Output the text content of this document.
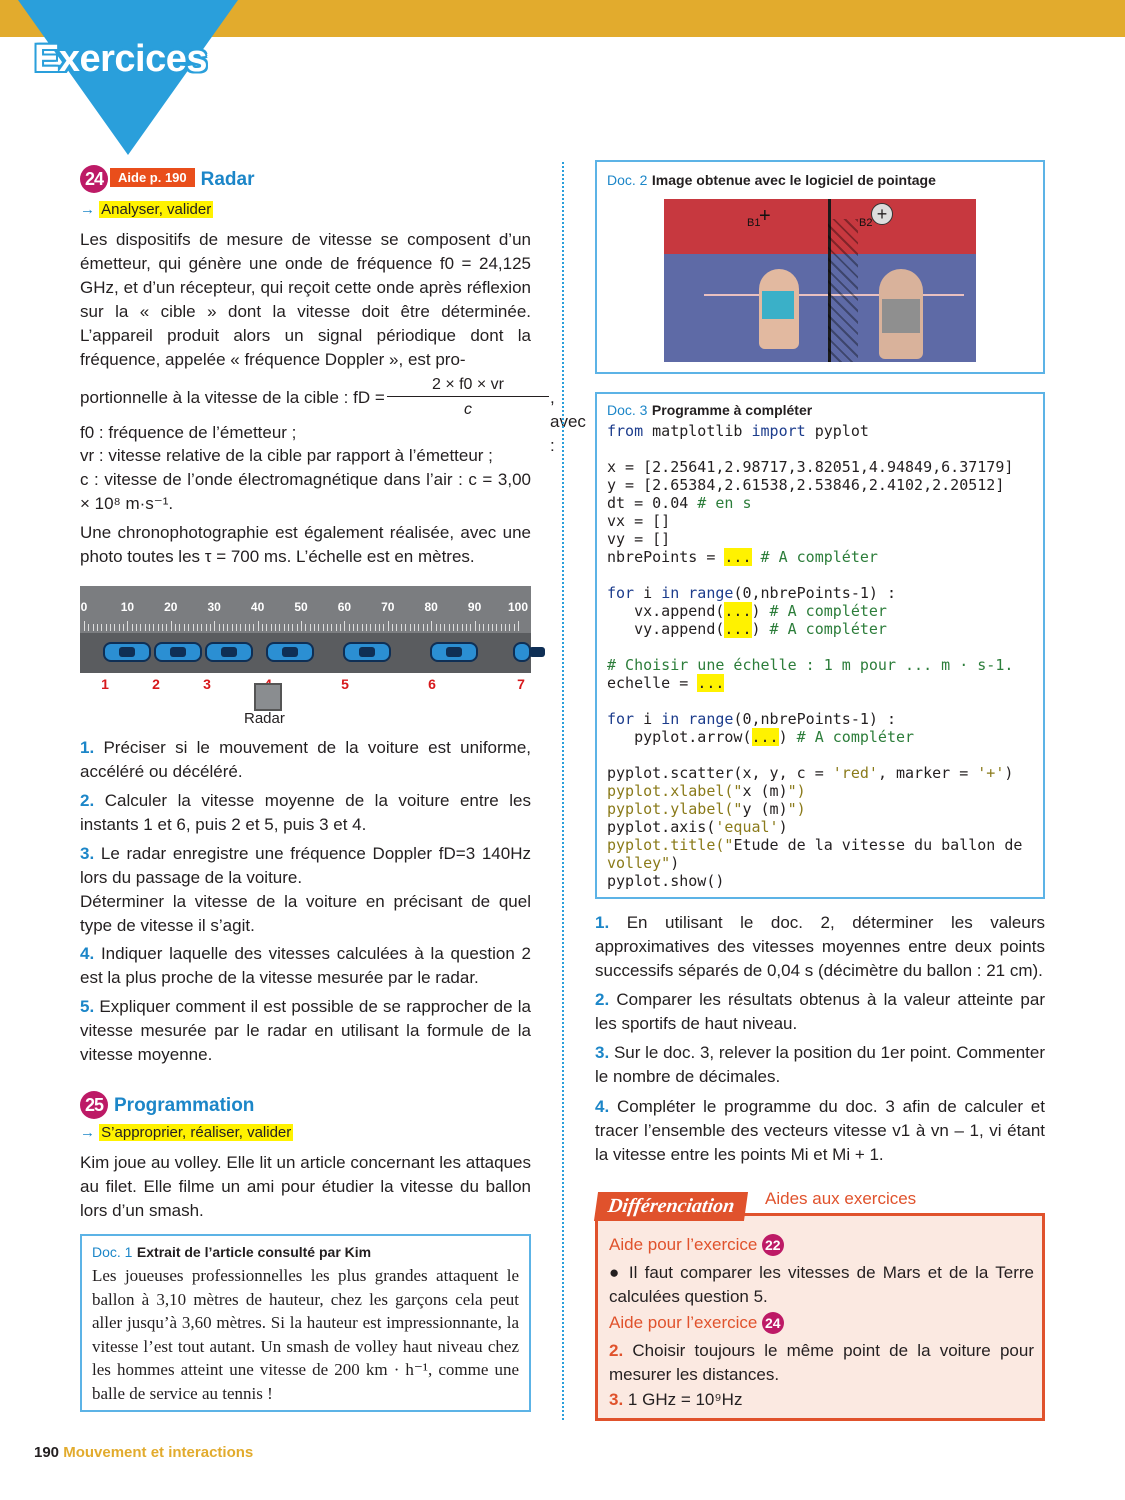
Exercices
24 Aide p. 190 Radar
→ Analyser, valider
Les dispositifs de mesure de vitesse se composent d’un émetteur, qui génère une onde de fréquence f0 = 24,125 GHz, et d’un récepteur, qui reçoit cette onde après réflexion sur la « cible » dont la vitesse doit être déterminée. L’appareil produit alors un signal périodique dont la fréquence, appelée « fréquence Doppler », est pro-
portionnelle à la vitesse de la cible : fD =
2 × f0 × vr
c
, avec :
f0 : fréquence de l’émetteur ;
vr : vitesse relative de la cible par rapport à l’émetteur ;
c : vitesse de l’onde électromagnétique dans l’air : c = 3,00 × 10⁸ m·s⁻¹.
Une chronophotographie est également réalisée, avec une photo toutes les τ = 700 ms. L’échelle est en mètres.
0	10	20	30	40	50	60	70	80	90 100
1	2	3	5	6	7
Radar
1. Préciser si le mouvement de la voiture est uniforme, accéléré ou décéléré.
2. Calculer la vitesse moyenne de la voiture entre les instants 1 et 6, puis 2 et 5, puis 3 et 4.
3. Le radar enregistre une fréquence Doppler fD=3 140Hz lors du passage de la voiture.
Déterminer la vitesse de la voiture en précisant de quel type de vitesse il s’agit.
4. Indiquer laquelle des vitesses calculées à la question 2 est la plus proche de la vitesse mesurée par le radar.
5. Expliquer comment il est possible de se rapprocher de la vitesse mesurée par le radar en utilisant la formule de la vitesse moyenne.
25 Programmation
→ S’approprier, réaliser, valider
Kim joue au volley. Elle lit un article concernant les attaques au filet. Elle filme un ami pour étudier la vitesse du ballon lors d’un smash.
Doc. 1 Extrait de l’article consulté par Kim
Les joueuses professionnelles les plus grandes attaquent le ballon à 3,10 mètres de hauteur, chez les garçons cela peut aller jusqu’à 3,60 mètres. Si la hauteur est impressionnante, la vitesse l’est tout autant. Un smash de volley haut niveau chez les hommes atteint une vitesse de 200 km · h⁻¹, comme une balle de service au tennis !
Doc. 2 Image obtenue avec le logiciel de pointage
+
B1	+
B2
Doc. 3 Programme à compléter
from matplotlib import pyplot

x = [2.25641,2.98717,3.82051,4.94849,6.37179]
y = [2.65384,2.61538,2.53846,2.4102,2.20512]
dt = 0.04 # en s
vx = []
vy = []
nbrePoints = ... # A compléter

for i in range(0,nbrePoints-1) :
vx.append(...) # A compléter
vy.append(...) # A compléter

# Choisir une échelle : 1 m pour ... m · s-1.
echelle = ...

for i in range(0,nbrePoints-1) :
pyplot.arrow(...) # A compléter

pyplot.scatter(x, y, c = 'red', marker = '+')
pyplot.xlabel("x (m)")
pyplot.ylabel("y (m)")
pyplot.axis('equal')
pyplot.title("Etude de la vitesse du ballon de
volley")
pyplot.show()
1. En utilisant le doc. 2, déterminer les valeurs approximatives des vitesses moyennes entre deux points successifs séparés de 0,04 s (décimètre du ballon : 21 cm).
2. Comparer les résultats obtenus à la valeur atteinte par les sportifs de haut niveau.
3. Sur le doc. 3, relever la position du 1er point. Commenter le nombre de décimales.
4. Compléter le programme du doc. 3 afin de calculer et tracer l’ensemble des vecteurs vitesse v1 à vn – 1, vi étant la vitesse entre les points Mi et Mi + 1.
Différenciation	Aides aux exercices
Aide pour l’exercice 22
● Il faut comparer les vitesses de Mars et de la Terre calculées question 5.
Aide pour l’exercice 24
2. Choisir toujours le même point de la voiture pour mesurer les distances.
3. 1 GHz = 10⁹Hz
190 Mouvement et interactions
